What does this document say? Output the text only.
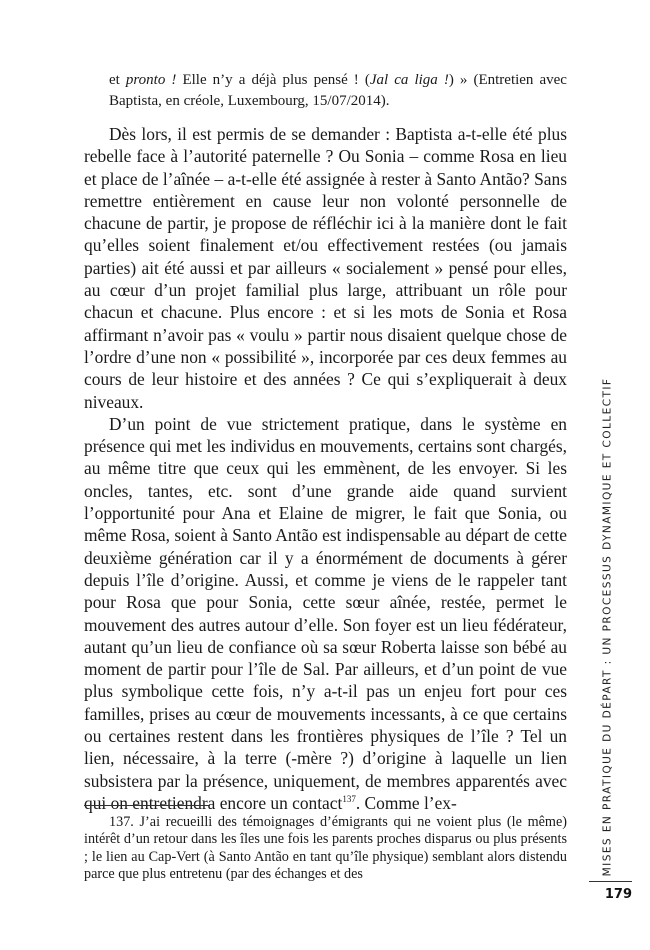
et pronto ! Elle n’y a déjà plus pensé ! (Jal ca liga !) » (Entretien avec Baptista, en créole, Luxembourg, 15/07/2014).

Dès lors, il est permis de se demander : Baptista a-t-elle été plus rebelle face à l’autorité paternelle ? Ou Sonia – comme Rosa en lieu et place de l’aînée – a-t-elle été assignée à rester à Santo Antão? Sans remettre entièrement en cause leur non volonté personnelle de chacune de partir, je propose de réfléchir ici à la manière dont le fait qu’elles soient finalement et/ou effectivement restées (ou jamais parties) ait été aussi et par ailleurs « socialement » pensé pour elles, au cœur d’un projet familial plus large, attribuant un rôle pour chacun et chacune. Plus encore : et si les mots de Sonia et Rosa affirmant n’avoir pas « voulu » partir nous disaient quelque chose de l’ordre d’une non « possibilité », incorporée par ces deux femmes au cours de leur histoire et des années ? Ce qui s’expliquerait à deux niveaux.

D’un point de vue strictement pratique, dans le système en présence qui met les individus en mouvements, certains sont chargés, au même titre que ceux qui les emmènent, de les envoyer. Si les oncles, tantes, etc. sont d’une grande aide quand survient l’opportunité pour Ana et Elaine de migrer, le fait que Sonia, ou même Rosa, soient à Santo Antão est indispensable au départ de cette deuxième génération car il y a énormément de documents à gérer depuis l’île d’origine. Aussi, et comme je viens de le rappeler tant pour Rosa que pour Sonia, cette sœur aînée, restée, permet le mouvement des autres autour d’elle. Son foyer est un lieu fédérateur, autant qu’un lieu de confiance où sa sœur Roberta laisse son bébé au moment de partir pour l’île de Sal. Par ailleurs, et d’un point de vue plus symbolique cette fois, n’y a-t-il pas un enjeu fort pour ces familles, prises au cœur de mouvements incessants, à ce que certains ou certaines restent dans les frontières physiques de l’île ? Tel un lien, nécessaire, à la terre (-mère ?) d’origine à laquelle un lien subsistera par la présence, uniquement, de membres apparentés avec qui on entretiendra encore un contact$^{137}$. Comme l’ex-

137. J’ai recueilli des témoignages d’émigrants qui ne voient plus (le même) intérêt d’un retour dans les îles une fois les parents proches disparus ou plus présents ; le lien au Cap-Vert (à Santo Antão en tant qu’île physique) semblant alors distendu parce que plus entretenu (par des échanges et des	MISES EN PRATIQUE DU DÉPART : UN PROCESSUS DYNAMIQUE ET COLLECTIF
179
